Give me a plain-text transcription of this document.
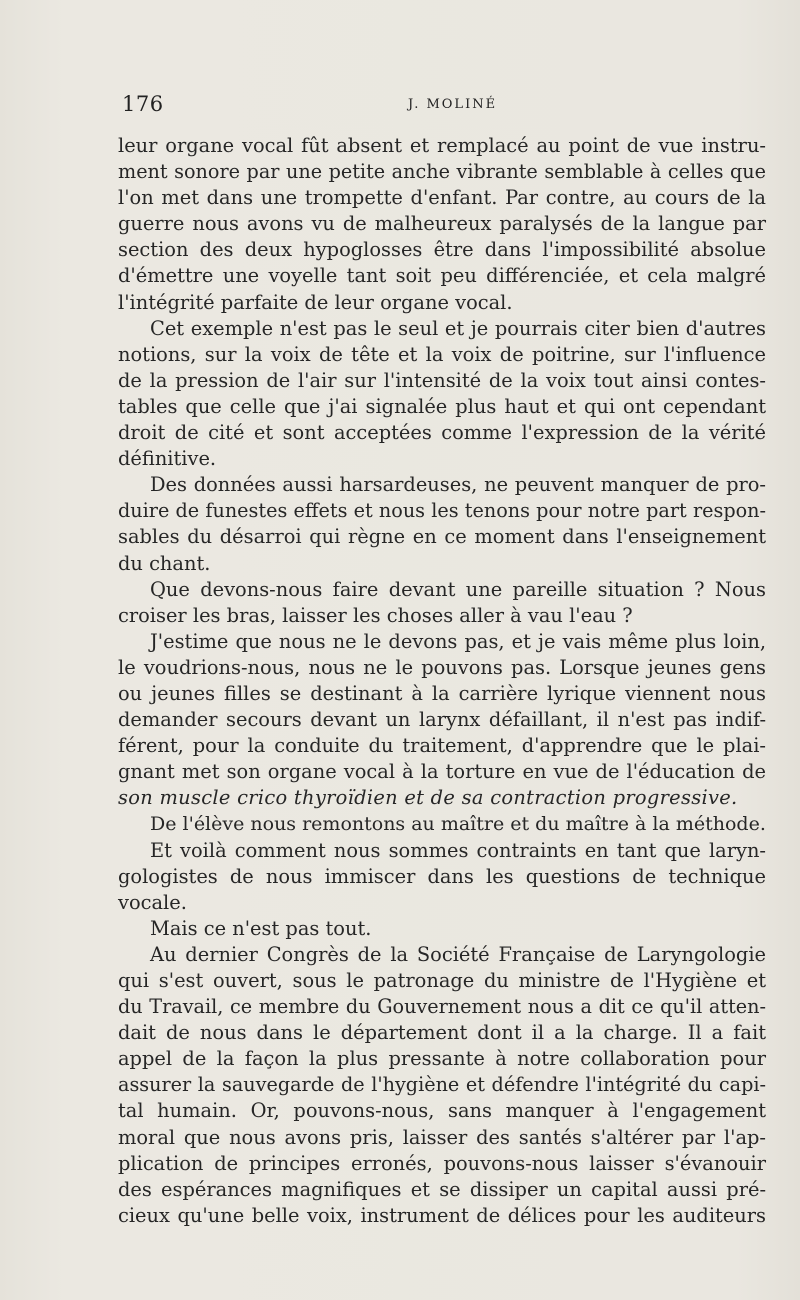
176	J. MOLINÉ
leur organe vocal fût absent et remplacé au point de vue instru-
ment sonore par une petite anche vibrante semblable à celles que
l'on met dans une trompette d'enfant. Par contre, au cours de la
guerre nous avons vu de malheureux paralysés de la langue par
section des deux hypoglosses être dans l'impossibilité absolue
d'émettre une voyelle tant soit peu différenciée, et cela malgré
l'intégrité parfaite de leur organe vocal.
Cet exemple n'est pas le seul et je pourrais citer bien d'autres
notions, sur la voix de tête et la voix de poitrine, sur l'influence
de la pression de l'air sur l'intensité de la voix tout ainsi contes-
tables que celle que j'ai signalée plus haut et qui ont cependant
droit de cité et sont acceptées comme l'expression de la vérité
définitive.
Des données aussi harsardeuses, ne peuvent manquer de pro-
duire de funestes effets et nous les tenons pour notre part respon-
sables du désarroi qui règne en ce moment dans l'enseignement
du chant.
Que devons-nous faire devant une pareille situation ? Nous
croiser les bras, laisser les choses aller à vau l'eau ?
J'estime que nous ne le devons pas, et je vais même plus loin,
le voudrions-nous, nous ne le pouvons pas. Lorsque jeunes gens
ou jeunes filles se destinant à la carrière lyrique viennent nous
demander secours devant un larynx défaillant, il n'est pas indif-
férent, pour la conduite du traitement, d'apprendre que le plai-
gnant met son organe vocal à la torture en vue de l'éducation de
son muscle crico thyroïdien et de sa contraction progressive.
De l'élève nous remontons au maître et du maître à la méthode.
Et voilà comment nous sommes contraints en tant que laryn-
gologistes de nous immiscer dans les questions de technique
vocale.
Mais ce n'est pas tout.
Au dernier Congrès de la Société Française de Laryngologie
qui s'est ouvert, sous le patronage du ministre de l'Hygiène et
du Travail, ce membre du Gouvernement nous a dit ce qu'il atten-
dait de nous dans le département dont il a la charge. Il a fait
appel de la façon la plus pressante à notre collaboration pour
assurer la sauvegarde de l'hygiène et défendre l'intégrité du capi-
tal humain. Or, pouvons-nous, sans manquer à l'engagement
moral que nous avons pris, laisser des santés s'altérer par l'ap-
plication de principes erronés, pouvons-nous laisser s'évanouir
des espérances magnifiques et se dissiper un capital aussi pré-
cieux qu'une belle voix, instrument de délices pour les auditeurs
